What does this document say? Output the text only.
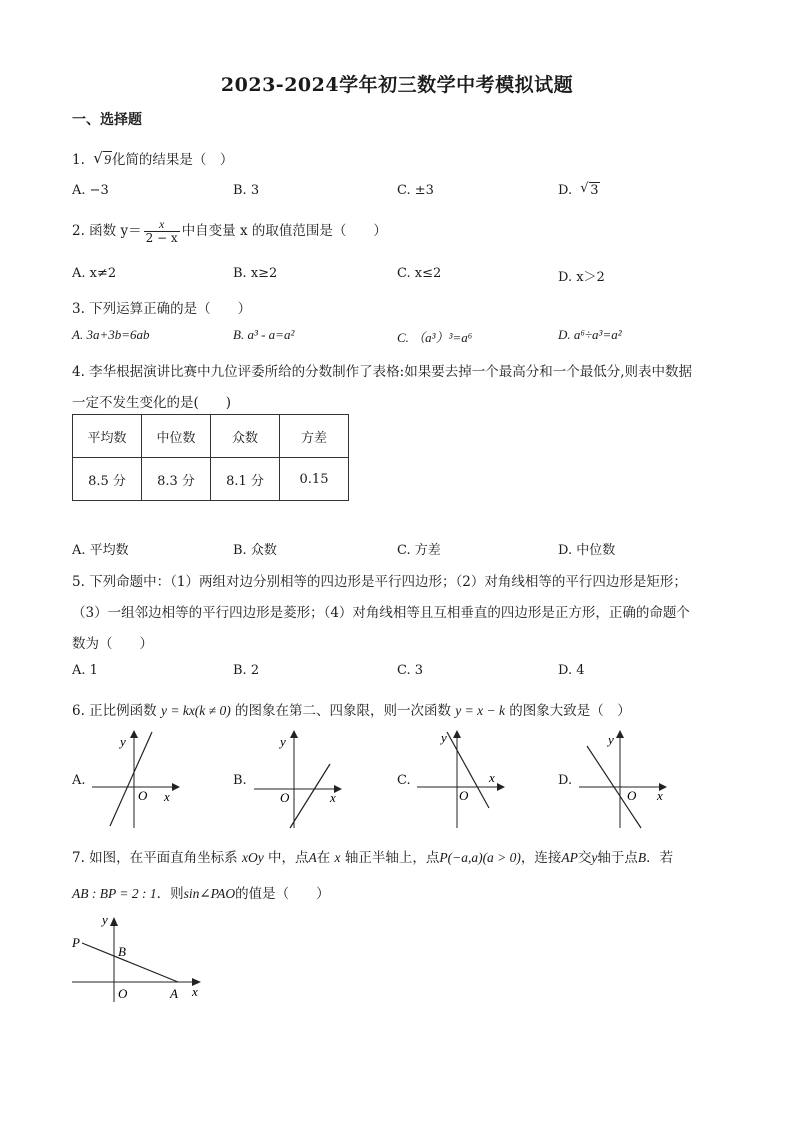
2023-2024学年初三数学中考模拟试题
一、选择题
1. √ 9化简的结果是（　）
A. −3	B. 3	C. ±3	D. √ 3
2. 函数 $y= \frac{x}{2 - x}$ 中自变量 x 的取值范围是（　　）
A. x≠2	B. x≥2	C. x≤2	D. x＞2
3. 下列运算正确的是（　　）
A. 3a+3b=6ab	B. a³ - a=a²	C. （a³）³=a⁶	D. a⁶÷a³=a²
4. 李华根据演讲比赛中九位评委所给的分数制作了表格:如果要去掉一个最高分和一个最低分,则表中数据
一定不发生变化的是(　　)
平均数	中位数	众数	方差
8.5 分	8.3 分	8.1 分	0.15
A. 平均数	B. 众数	C. 方差	D. 中位数
5. 下列命题中：（1）两组对边分别相等的四边形是平行四边形；（2）对角线相等的平行四边形是矩形；
（3）一组邻边相等的平行四边形是菱形；（4）对角线相等且互相垂直的四边形是正方形，正确的命题个
数为（　　）
A. 1	B. 2	C. 3	D. 4
6. 正比例函数 y = kx(k ≠ 0) 的图象在第二、四象限，则一次函数 y = x − k 的图象大致是（　）
A.	B.	C.	D.
y
x
O
y
x
O
y
x
O
y
x
O
7. 如图，在平面直角坐标系 xOy 中，点A在 x 轴正半轴上，点P(−a,a)(a > 0)，连接AP交y轴于点B．若
AB : BP = 2 : 1．则sin∠PAO的值是（　　）
y
P
B
O	A x
